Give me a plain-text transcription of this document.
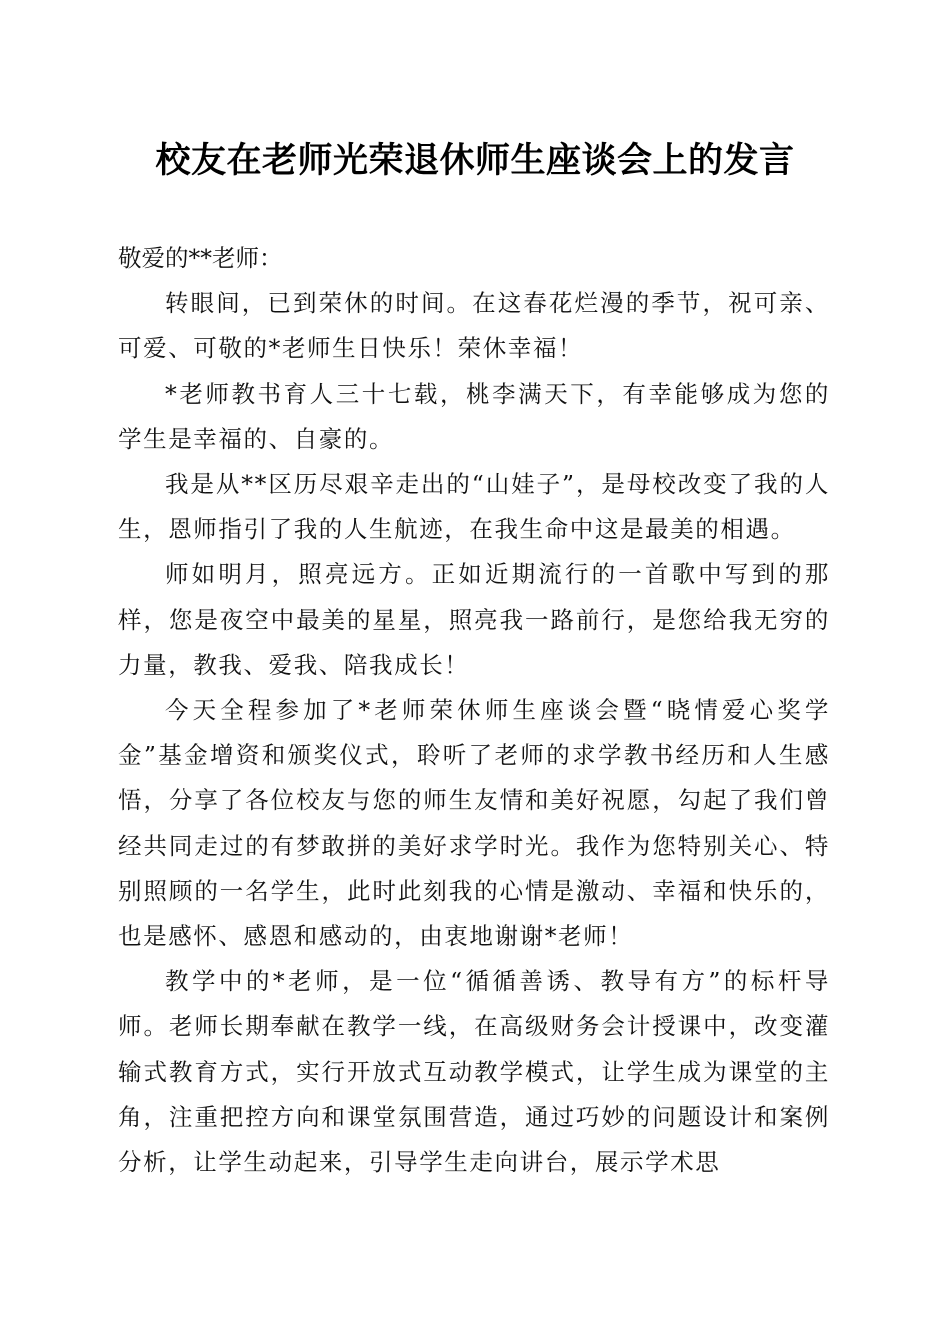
校友在老师光荣退休师生座谈会上的发言

敬爱的**老师：

转眼间，已到荣休的时间。在这春花烂漫的季节，祝可亲、可爱、可敬的*老师生日快乐！荣休幸福！

*老师教书育人三十七载，桃李满天下，有幸能够成为您的学生是幸福的、自豪的。

我是从**区历尽艰辛走出的“山娃子”，是母校改变了我的人生，恩师指引了我的人生航迹，在我生命中这是最美的相遇。

师如明月，照亮远方。正如近期流行的一首歌中写到的那样，您是夜空中最美的星星，照亮我一路前行，是您给我无穷的力量，教我、爱我、陪我成长！

今天全程参加了*老师荣休师生座谈会暨“晓情爱心奖学金”基金增资和颁奖仪式，聆听了老师的求学教书经历和人生感悟，分享了各位校友与您的师生友情和美好祝愿，勾起了我们曾经共同走过的有梦敢拼的美好求学时光。我作为您特别关心、特别照顾的一名学生，此时此刻我的心情是激动、幸福和快乐的，也是感怀、感恩和感动的，由衷地谢谢*老师！

教学中的*老师，是一位“循循善诱、教导有方”的标杆导师。老师长期奉献在教学一线，在高级财务会计授课中，改变灌输式教育方式，实行开放式互动教学模式，让学生成为课堂的主角，注重把控方向和课堂氛围营造，通过巧妙的问题设计和案例分析，让学生动起来，引导学生走向讲台，展示学术思
